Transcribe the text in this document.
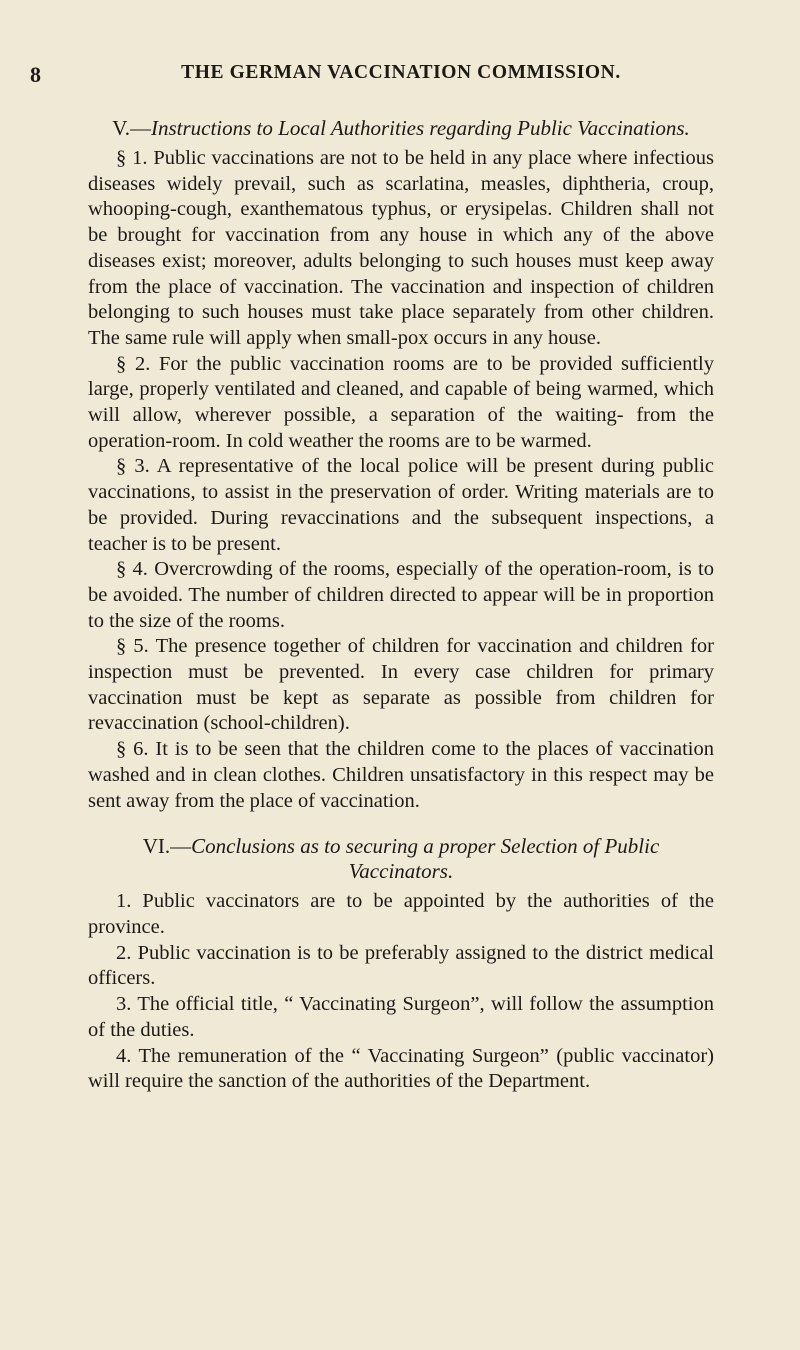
8	THE GERMAN VACCINATION COMMISSION.
V.—Instructions to Local Authorities regarding Public Vaccinations.

§ 1. Public vaccinations are not to be held in any place where infectious diseases widely prevail, such as scarlatina, measles, diphtheria, croup, whooping-cough, exanthematous typhus, or erysipelas. Children shall not be brought for vaccination from any house in which any of the above diseases exist; moreover, adults belonging to such houses must keep away from the place of vaccination. The vaccination and inspection of children belonging to such houses must take place separately from other children. The same rule will apply when small-pox occurs in any house.

§ 2. For the public vaccination rooms are to be provided sufficiently large, properly ventilated and cleaned, and capable of being warmed, which will allow, wherever possible, a separation of the waiting- from the operation-room. In cold weather the rooms are to be warmed.

§ 3. A representative of the local police will be present during public vaccinations, to assist in the preservation of order. Writing materials are to be provided. During revaccinations and the subsequent inspections, a teacher is to be present.

§ 4. Overcrowding of the rooms, especially of the operation-room, is to be avoided. The number of children directed to appear will be in proportion to the size of the rooms.

§ 5. The presence together of children for vaccination and children for inspection must be prevented. In every case children for primary vaccination must be kept as separate as possible from children for revaccination (school-children).

§ 6. It is to be seen that the children come to the places of vaccination washed and in clean clothes. Children unsatisfactory in this respect may be sent away from the place of vaccination.

VI.—Conclusions as to securing a proper Selection of Public Vaccinators.

1. Public vaccinators are to be appointed by the authorities of the province.

2. Public vaccination is to be preferably assigned to the district medical officers.

3. The official title, “ Vaccinating Surgeon”, will follow the assumption of the duties.

4. The remuneration of the “ Vaccinating Surgeon” (public vaccinator) will require the sanction of the authorities of the Department.
